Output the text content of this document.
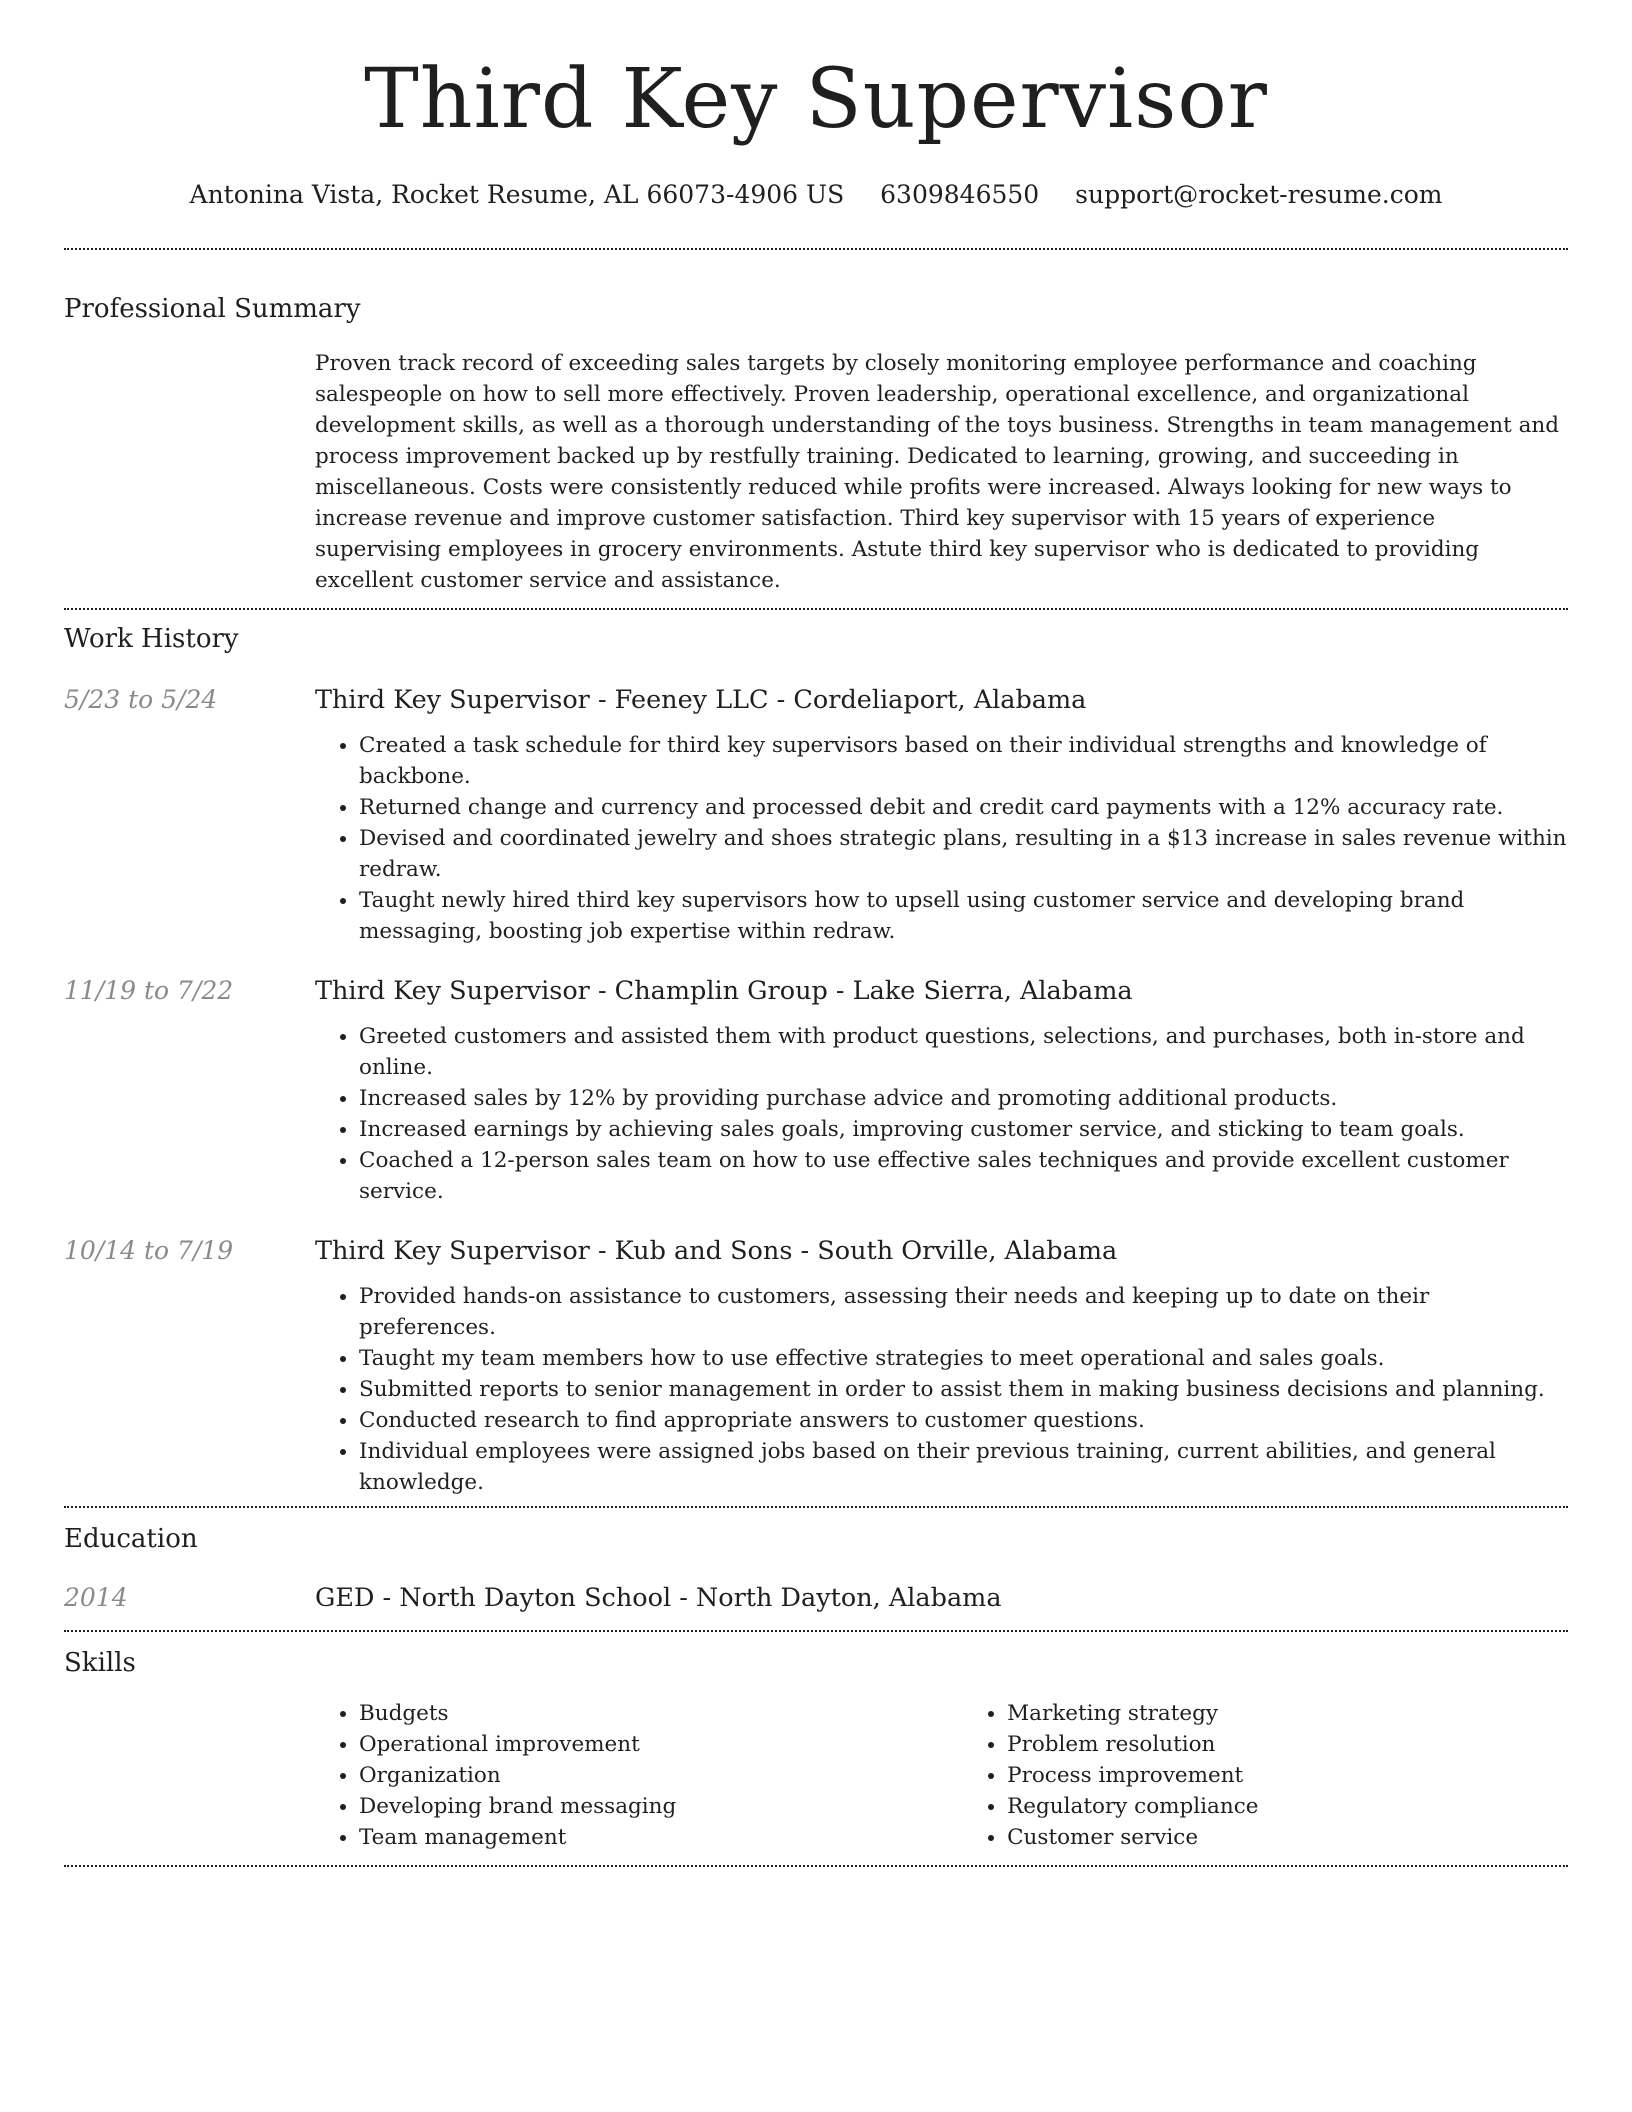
Third Key Supervisor
Antonina Vista, Rocket Resume, AL 66073-4906 US 6309846550 support@rocket-resume.com
Professional Summary

Proven track record of exceeding sales targets by closely monitoring employee performance and coaching salespeople on how to sell more effectively. Proven leadership, operational excellence, and organizational development skills, as well as a thorough understanding of the toys business. Strengths in team management and process improvement backed up by restfully training. Dedicated to learning, growing, and succeeding in miscellaneous. Costs were consistently reduced while profits were increased. Always looking for new ways to increase revenue and improve customer satisfaction. Third key supervisor with 15 years of experience supervising employees in grocery environments. Astute third key supervisor who is dedicated to providing excellent customer service and assistance.

Work History
5/23 to 5/24	Third Key Supervisor - Feeney LLC - Cordeliaport, Alabama
• Created a task schedule for third key supervisors based on their individual strengths and knowledge of backbone.
• Returned change and currency and processed debit and credit card payments with a 12% accuracy rate.
• Devised and coordinated jewelry and shoes strategic plans, resulting in a $13 increase in sales revenue within redraw.
• Taught newly hired third key supervisors how to upsell using customer service and developing brand messaging, boosting job expertise within redraw.
11/19 to 7/22	Third Key Supervisor - Champlin Group - Lake Sierra, Alabama
• Greeted customers and assisted them with product questions, selections, and purchases, both in-store and online.
• Increased sales by 12% by providing purchase advice and promoting additional products.
• Increased earnings by achieving sales goals, improving customer service, and sticking to team goals.
• Coached a 12-person sales team on how to use effective sales techniques and provide excellent customer service.
10/14 to 7/19	Third Key Supervisor - Kub and Sons - South Orville, Alabama
• Provided hands-on assistance to customers, assessing their needs and keeping up to date on their preferences.
• Taught my team members how to use effective strategies to meet operational and sales goals.
• Submitted reports to senior management in order to assist them in making business decisions and planning.
• Conducted research to find appropriate answers to customer questions.
• Individual employees were assigned jobs based on their previous training, current abilities, and general knowledge.
Education
2014	GED - North Dayton School - North Dayton, Alabama
Skills
• Budgets
• Operational improvement
• Organization
• Developing brand messaging
• Team management
• Marketing strategy
• Problem resolution
• Process improvement
• Regulatory compliance
• Customer service
